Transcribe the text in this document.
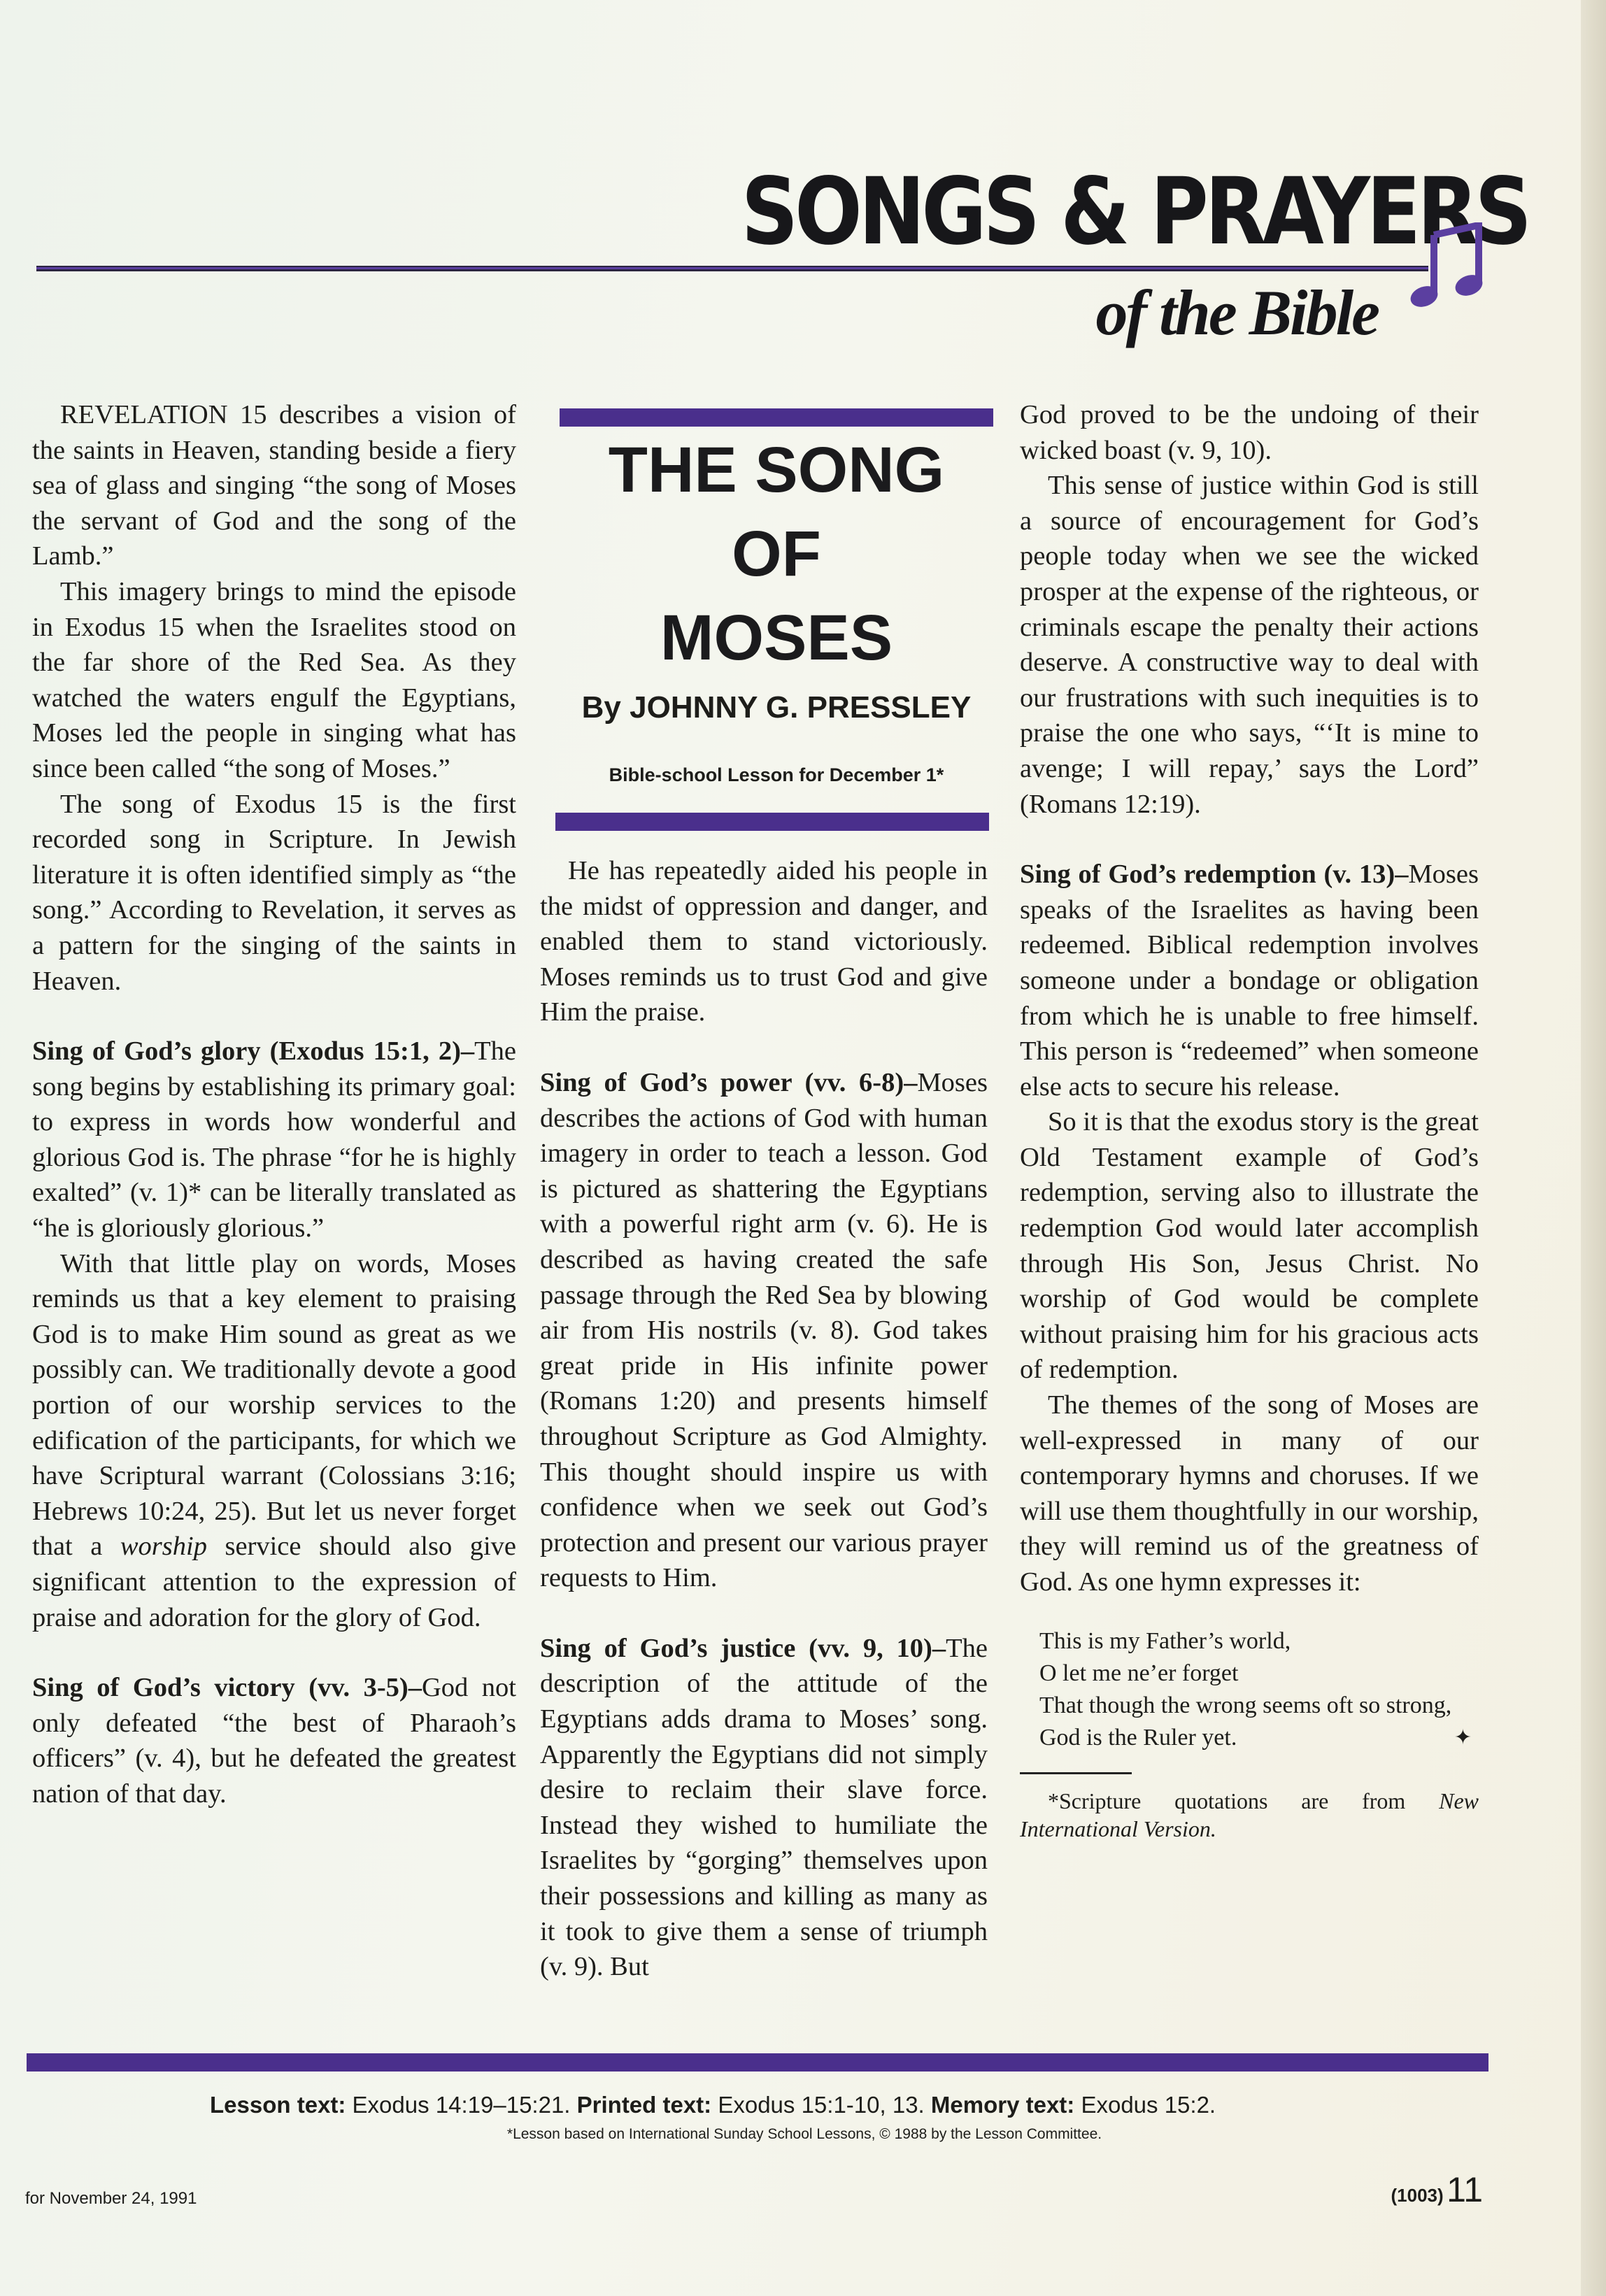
SONGS & PRAYERS
of the Bible

REVELATION 15 describes a vision of the saints in Heaven, standing beside a fiery sea of glass and singing “the song of Moses the servant of God and the song of the Lamb.”

This imagery brings to mind the episode in Exodus 15 when the Israelites stood on the far shore of the Red Sea. As they watched the waters engulf the Egyptians, Moses led the people in singing what has since been called “the song of Moses.”

The song of Exodus 15 is the first recorded song in Scripture. In Jewish literature it is often identified simply as “the song.” According to Revelation, it serves as a pattern for the singing of the saints in Heaven.

Sing of God’s glory (Exodus 15:1, 2)–The song begins by establishing its primary goal: to express in words how wonderful and glorious God is. The phrase “for he is highly exalted” (v. 1)* can be literally translated as “he is gloriously glorious.”

With that little play on words, Moses reminds us that a key element to praising God is to make Him sound as great as we possibly can. We traditionally devote a good portion of our worship services to the edification of the participants, for which we have Scriptural warrant (Colossians 3:16; Hebrews 10:24, 25). But let us never forget that a worship service should also give significant attention to the expression of praise and adoration for the glory of God.

Sing of God’s victory (vv. 3-5)–God not only defeated “the best of Pharaoh’s officers” (v. 4), but he defeated the greatest nation of that day.

THE SONG
OF
MOSES
By JOHNNY G. PRESSLEY
Bible-school Lesson for December 1*

He has repeatedly aided his people in the midst of oppression and danger, and enabled them to stand victoriously. Moses reminds us to trust God and give Him the praise.

Sing of God’s power (vv. 6-8)–Moses describes the actions of God with human imagery in order to teach a lesson. God is pictured as shattering the Egyptians with a powerful right arm (v. 6). He is described as having created the safe passage through the Red Sea by blowing air from His nostrils (v. 8). God takes great pride in His infinite power (Romans 1:20) and presents himself throughout Scripture as God Almighty. This thought should inspire us with confidence when we seek out God’s protection and present our various prayer requests to Him.

Sing of God’s justice (vv. 9, 10)–The description of the attitude of the Egyptians adds drama to Moses’ song. Apparently the Egyptians did not simply desire to reclaim their slave force. Instead they wished to humiliate the Israelites by “gorging” themselves upon their possessions and killing as many as it took to give them a sense of triumph (v. 9). But

God proved to be the undoing of their wicked boast (v. 9, 10).

This sense of justice within God is still a source of encouragement for God’s people today when we see the wicked prosper at the expense of the righteous, or criminals escape the penalty their actions deserve. A constructive way to deal with our frustrations with such inequities is to praise the one who says, “‘It is mine to avenge; I will repay,’ says the Lord” (Romans 12:19).

Sing of God’s redemption (v. 13)–Moses speaks of the Israelites as having been redeemed. Biblical redemption involves someone under a bondage or obligation from which he is unable to free himself. This person is “redeemed” when someone else acts to secure his release.

So it is that the exodus story is the great Old Testament example of God’s redemption, serving also to illustrate the redemption God would later accomplish through His Son, Jesus Christ. No worship of God would be complete without praising him for his gracious acts of redemption.

The themes of the song of Moses are well-expressed in many of our contemporary hymns and choruses. If we will use them thoughtfully in our worship, they will remind us of the greatness of God. As one hymn expresses it:

This is my Father’s world,
O let me ne’er forget
That though the wrong seems oft so strong,
God is the Ruler yet.	✦

*Scripture quotations are from New International Version.

Lesson text: Exodus 14:19–15:21. Printed text: Exodus 15:1-10, 13. Memory text: Exodus 15:2.
*Lesson based on International Sunday School Lessons, © 1988 by the Lesson Committee.
for November 24, 1991	(1003) 11
